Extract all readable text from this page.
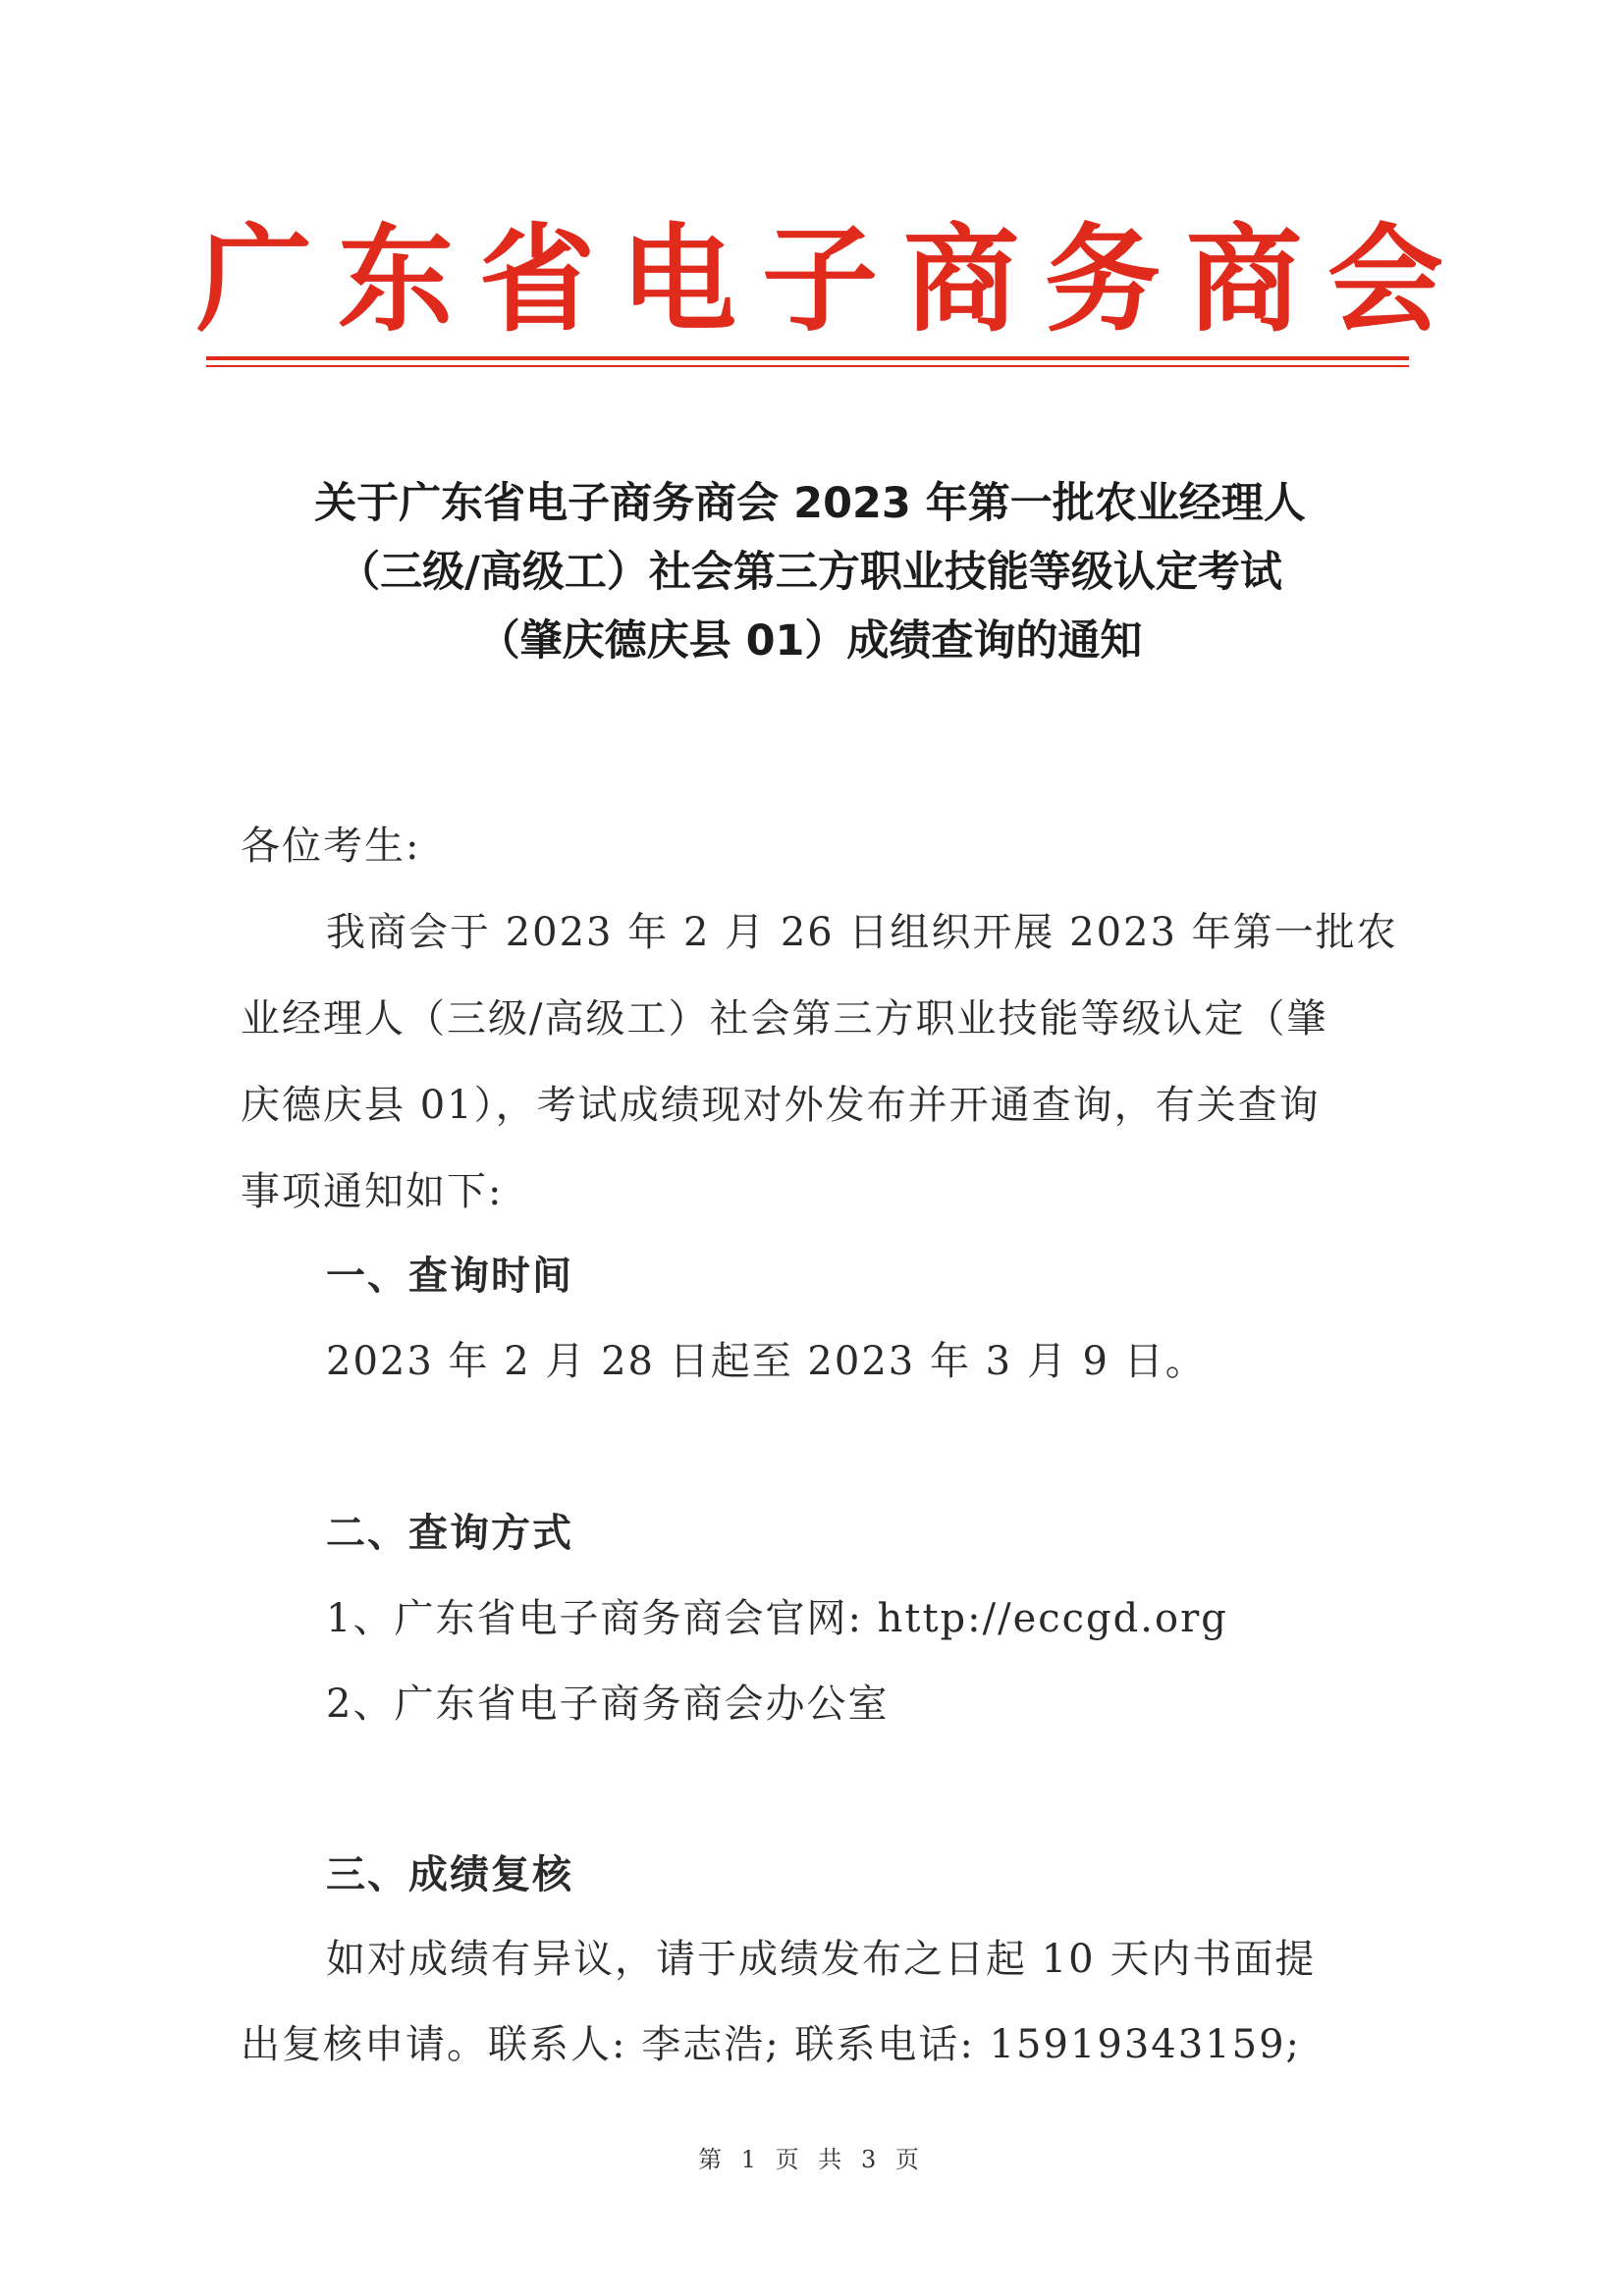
广东省电子商务商会
关于广东省电子商务商会 2023 年第一批农业经理人
（三级/高级工）社会第三方职业技能等级认定考试
（肇庆德庆县 01）成绩查询的通知
各位考生:
我商会于 2023 年 2 月 26 日组织开展 2023 年第一批农
业经理人（三级/高级工）社会第三方职业技能等级认定（肇
庆德庆县 01），考试成绩现对外发布并开通查询，有关查询
事项通知如下:
一、查询时间
2023 年 2 月 28 日起至 2023 年 3 月 9 日。
二、查询方式
1、广东省电子商务商会官网: http://eccgd.org
2、广东省电子商务商会办公室
三、成绩复核
如对成绩有异议，请于成绩发布之日起 10 天内书面提
出复核申请。联系人: 李志浩; 联系电话: 15919343159;
第 1 页 共 3 页
